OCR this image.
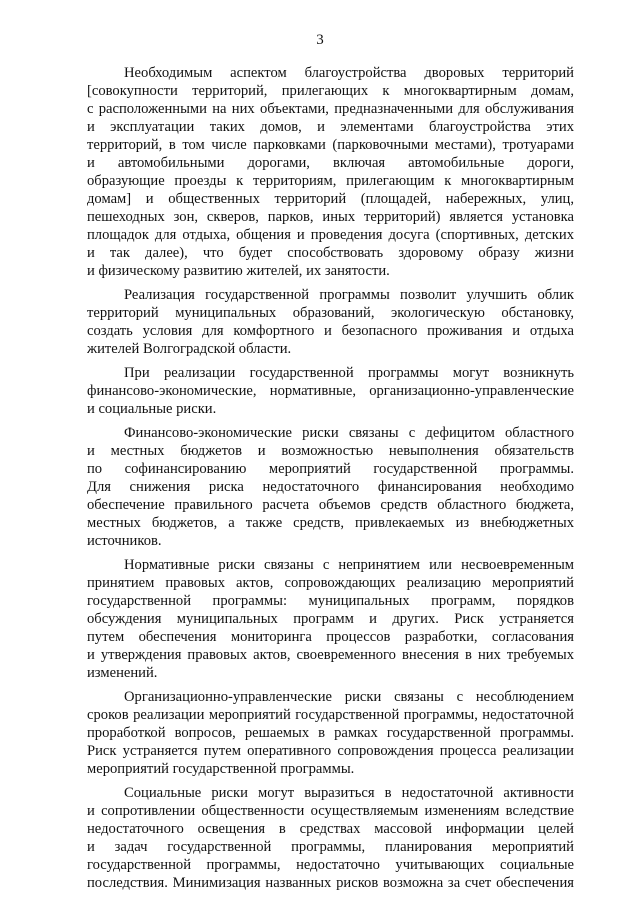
3
Необходимым аспектом благоустройства дворовых территорий
[совокупности территорий, прилегающих к многоквартирным домам,
с расположенными на них объектами, предназначенными для обслуживания
и эксплуатации таких домов, и элементами благоустройства этих
территорий, в том числе парковками (парковочными местами), тротуарами
и автомобильными дорогами, включая автомобильные дороги,
образующие проезды к территориям, прилегающим к многоквартирным
домам] и общественных территорий (площадей, набережных, улиц,
пешеходных зон, скверов, парков, иных территорий) является установка
площадок для отдыха, общения и проведения досуга (спортивных, детских
и так далее), что будет способствовать здоровому образу жизни
и физическому развитию жителей, их занятости.
Реализация государственной программы позволит улучшить облик
территорий муниципальных образований, экологическую обстановку,
создать условия для комфортного и безопасного проживания и отдыха
жителей Волгоградской области.
При реализации государственной программы могут возникнуть
финансово-экономические, нормативные, организационно-управленческие
и социальные риски.
Финансово-экономические риски связаны с дефицитом областного
и местных бюджетов и возможностью невыполнения обязательств
по софинансированию мероприятий государственной программы.
Для снижения риска недостаточного финансирования необходимо
обеспечение правильного расчета объемов средств областного бюджета,
местных бюджетов, а также средств, привлекаемых из внебюджетных
источников.
Нормативные риски связаны с непринятием или несвоевременным
принятием правовых актов, сопровождающих реализацию мероприятий
государственной программы: муниципальных программ, порядков
обсуждения муниципальных программ и других. Риск устраняется
путем обеспечения мониторинга процессов разработки, согласования
и утверждения правовых актов, своевременного внесения в них требуемых
изменений.
Организационно-управленческие риски связаны с несоблюдением
сроков реализации мероприятий государственной программы, недостаточной
проработкой вопросов, решаемых в рамках государственной программы.
Риск устраняется путем оперативного сопровождения процесса реализации
мероприятий государственной программы.
Социальные риски могут выразиться в недостаточной активности
и сопротивлении общественности осуществляемым изменениям вследствие
недостаточного освещения в средствах массовой информации целей
и задач государственной программы, планирования мероприятий
государственной программы, недостаточно учитывающих социальные
последствия. Минимизация названных рисков возможна за счет обеспечения
